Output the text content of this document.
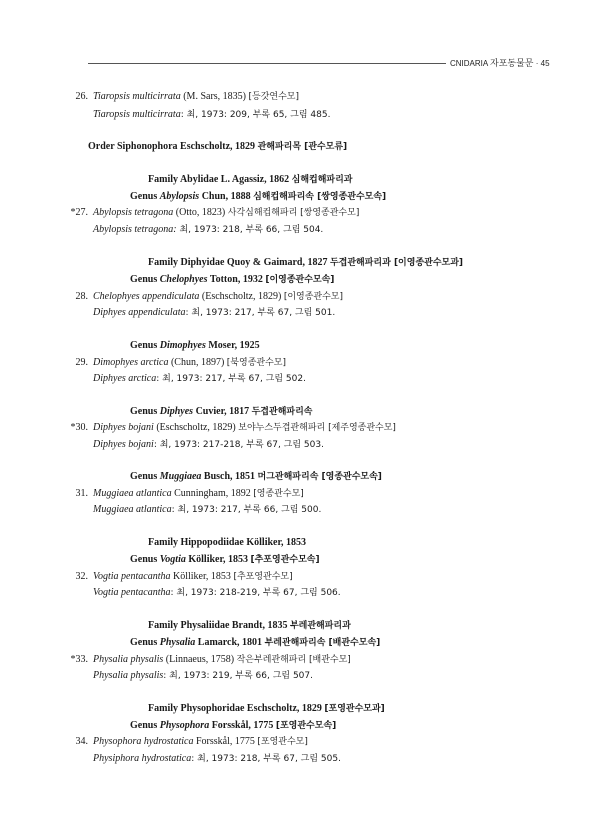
CNIDARIA 자포동물문 · 45
26. Tiaropsis multicirrata (M. Sars, 1835) [등갓연수모]
Tiaropsis multicirrata: 최, 1973: 209, 부록 65, 그림 485.
Order Siphonophora Eschscholtz, 1829 관해파리목 [관수모류]
Family Abylidae L. Agassiz, 1862 심해컵해파리과
Genus Abylopsis Chun, 1888 심해컵해파리속 [쌍영종관수모속]
*27. Abylopsis tetragona (Otto, 1823) 사각심해컵해파리 [쌍영종관수모]
Abylopsis tetragona: 최, 1973: 218, 부록 66, 그림 504.
Family Diphyidae Quoy & Gaimard, 1827 두겹관해파리과 [이영종관수모과]
Genus Chelophyes Totton, 1932 [이영종관수모속]
28. Chelophyes appendiculata (Eschscholtz, 1829) [이영종관수모]
Diphyes appendiculata: 최, 1973: 217, 부록 67, 그림 501.
Genus Dimophyes Moser, 1925
29. Dimophyes arctica (Chun, 1897) [북영종관수모]
Diphyes arctica: 최, 1973: 217, 부록 67, 그림 502.
Genus Diphyes Cuvier, 1817 두겹관해파리속
*30. Diphyes bojani (Eschscholtz, 1829) 보야누스두겹관해파리 [제주영종관수모]
Diphyes bojani: 최, 1973: 217-218, 부록 67, 그림 503.
Genus Muggiaea Busch, 1851 머그관해파리속 [영종관수모속]
31. Muggiaea atlantica Cunningham, 1892 [영종관수모]
Muggiaea atlantica: 최, 1973: 217, 부록 66, 그림 500.
Family Hippopodiidae Kölliker, 1853
Genus Vogtia Kölliker, 1853 [추포영관수모속]
32. Vogtia pentacantha Kölliker, 1853 [추포영관수모]
Vogtia pentacantha: 최, 1973: 218-219, 부록 67, 그림 506.
Family Physaliidae Brandt, 1835 부레관해파리과
Genus Physalia Lamarck, 1801 부레관해파리속 [배관수모속]
*33. Physalia physalis (Linnaeus, 1758) 작은부레관해파리 [배관수모]
Physalia physalis: 최, 1973: 219, 부록 66, 그림 507.
Family Physophoridae Eschscholtz, 1829 [포영관수모과]
Genus Physophora Forsskål, 1775 [포영관수모속]
34. Physophora hydrostatica Forsskål, 1775 [포영관수모]
Physiphora hydrostatica: 최, 1973: 218, 부록 67, 그림 505.
